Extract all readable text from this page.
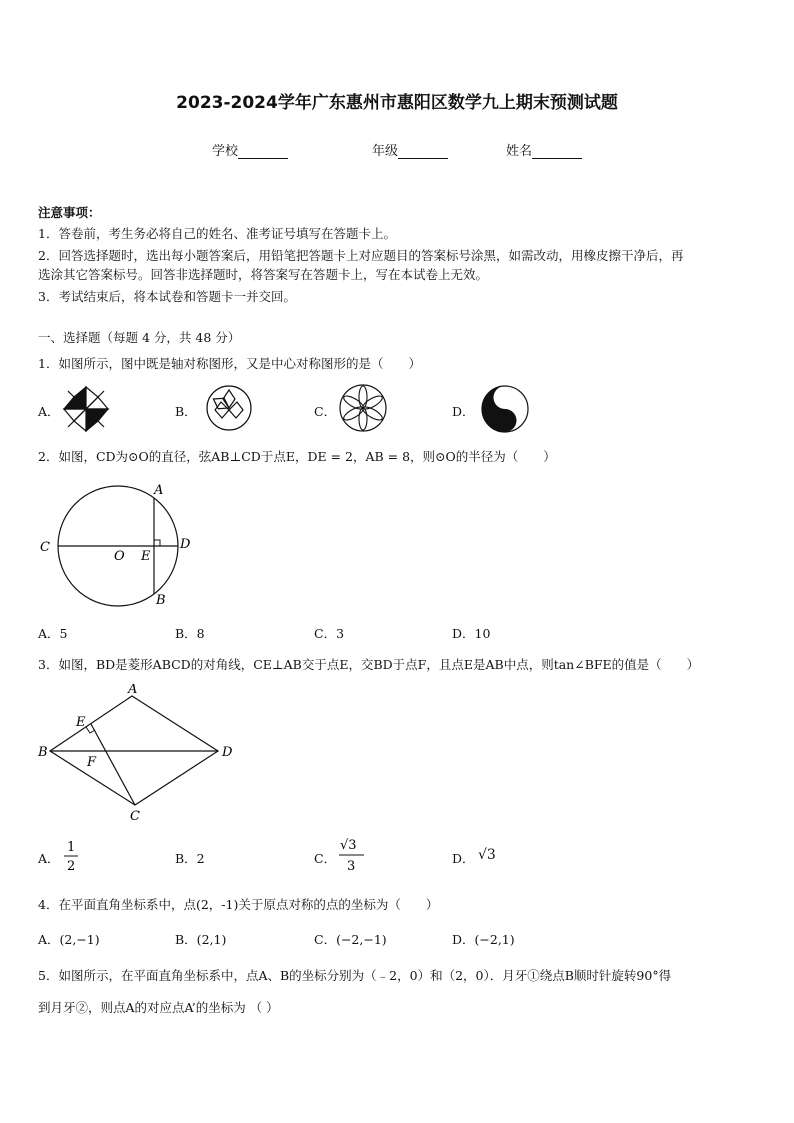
2023-2024学年广东惠州市惠阳区数学九上期末预测试题
学校	年级	姓名
注意事项：
1．答卷前，考生务必将自己的姓名、准考证号填写在答题卡上。
2．回答选择题时，选出每小题答案后，用铅笔把答题卡上对应题目的答案标号涂黑，如需改动，用橡皮擦干净后，再
选涂其它答案标号。回答非选择题时，将答案写在答题卡上，写在本试卷上无效。
3．考试结束后，将本试卷和答题卡一并交回。
一、选择题（每题 4 分，共 48 分）
1．如图所示，图中既是轴对称图形，又是中心对称图形的是（　　）
A．	B．	C．	D．
2．如图，CD为⊙O的直径，弦AB⊥CD于点E，DE = 2，AB = 8，则⊙O的半径为（　　）
A
B
C	D
O E
A．5	B．8	C．3	D．10
3．如图，BD是菱形ABCD的对角线，CE⊥AB交于点E，交BD于点F，且点E是AB中点，则tan∠BFE的值是（　　）
A
B
C
D
E
F
A．
1
2
B．2	C．
√3
3
D． √3
4．在平面直角坐标系中，点(2，-1)关于原点对称的点的坐标为（　　）
A．(2,−1)	B．(2,1)	C．(−2,−1)	D．(−2,1)
5．如图所示，在平面直角坐标系中，点A、B的坐标分别为（﹣2，0）和（2，0）．月牙①绕点B顺时针旋转90°得
到月牙②，则点A的对应点A’的坐标为 （ ）
